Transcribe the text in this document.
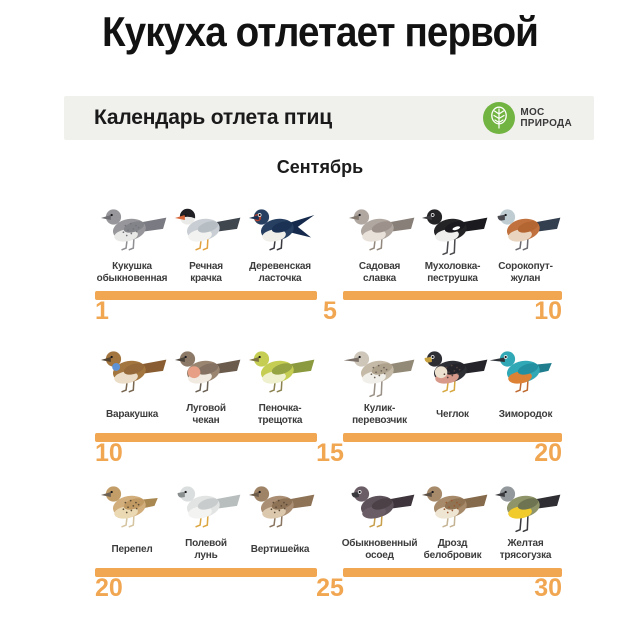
Кукуха отлетает первой
Календарь отлета птиц	МОС
ПРИРОДА
Сентябрь
Кукушка
обыкновенная
Речная
крачка
Деревенская
ласточка
Садовая
славка
Мухоловка-
пеструшка
Сорокопут-
жулан
1	5	10
Варакушка
Луговой
чекан
Пеночка-
трещотка
Кулик-
перевозчик
Чеглок	Зимородок
10	15	20
Перепел
Полевой
лунь
Вертишейка
Обыкновенный
осоед
Дрозд
белобровик
Желтая
трясогузка
20	25	30
